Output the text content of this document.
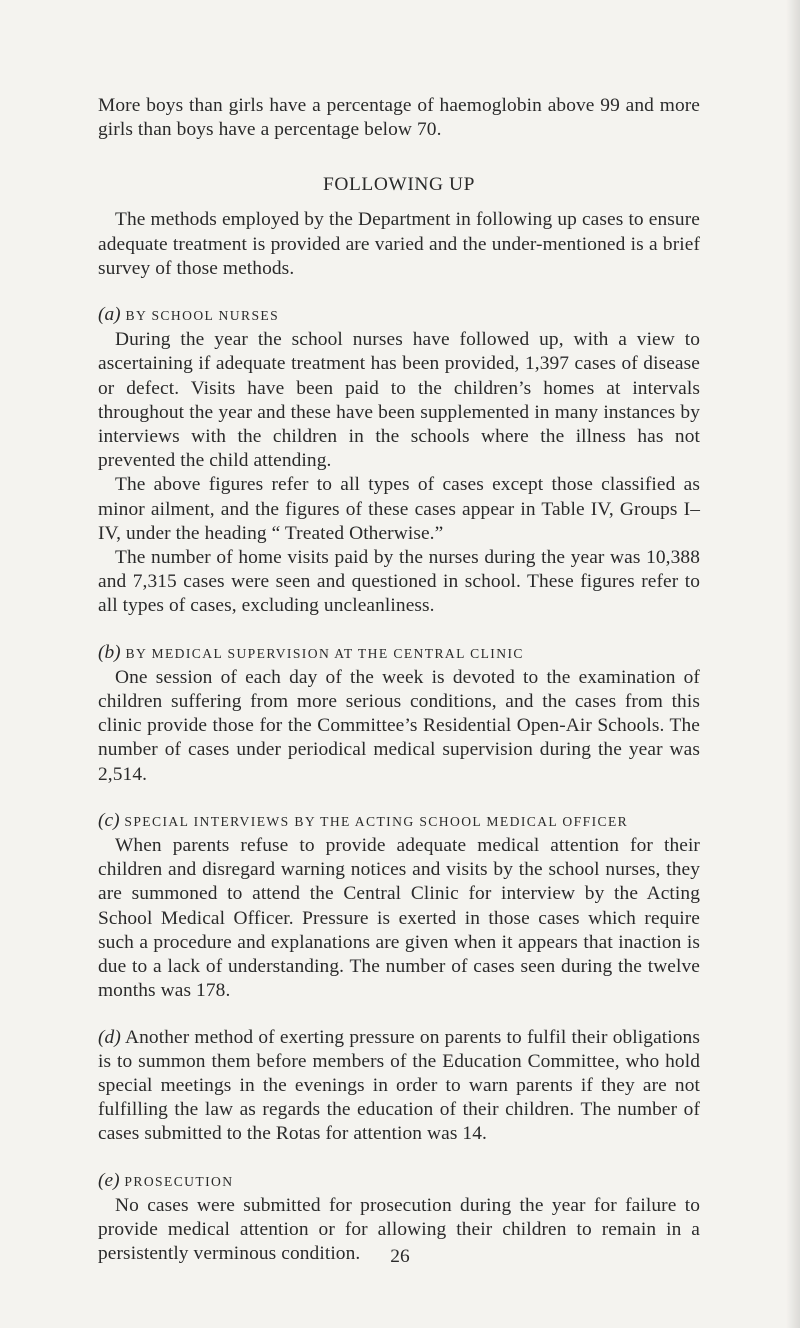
More boys than girls have a percentage of haemoglobin above 99 and more girls than boys have a percentage below 70.

FOLLOWING UP

The methods employed by the Department in following up cases to ensure adequate treatment is provided are varied and the under-mentioned is a brief survey of those methods.

(a) BY SCHOOL NURSES

During the year the school nurses have followed up, with a view to ascertaining if adequate treatment has been provided, 1,397 cases of disease or defect. Visits have been paid to the children’s homes at intervals throughout the year and these have been supplemented in many instances by interviews with the children in the schools where the illness has not prevented the child attending.

The above figures refer to all types of cases except those classified as minor ailment, and the figures of these cases appear in Table IV, Groups I–IV, under the heading “ Treated Otherwise.”

The number of home visits paid by the nurses during the year was 10,388 and 7,315 cases were seen and questioned in school. These figures refer to all types of cases, excluding uncleanliness.

(b) BY MEDICAL SUPERVISION AT THE CENTRAL CLINIC

One session of each day of the week is devoted to the examination of children suffering from more serious conditions, and the cases from this clinic provide those for the Committee’s Residential Open-Air Schools. The number of cases under periodical medical supervision during the year was 2,514.

(c) SPECIAL INTERVIEWS BY THE ACTING SCHOOL MEDICAL OFFICER

When parents refuse to provide adequate medical attention for their children and disregard warning notices and visits by the school nurses, they are summoned to attend the Central Clinic for interview by the Acting School Medical Officer. Pressure is exerted in those cases which require such a procedure and explanations are given when it appears that inaction is due to a lack of understanding. The number of cases seen during the twelve months was 178.

(d) Another method of exerting pressure on parents to fulfil their obligations is to summon them before members of the Education Committee, who hold special meetings in the evenings in order to warn parents if they are not fulfilling the law as regards the education of their children. The number of cases submitted to the Rotas for attention was 14.

(e) PROSECUTION

No cases were submitted for prosecution during the year for failure to provide medical attention or for allowing their children to remain in a persistently verminous condition.	26
